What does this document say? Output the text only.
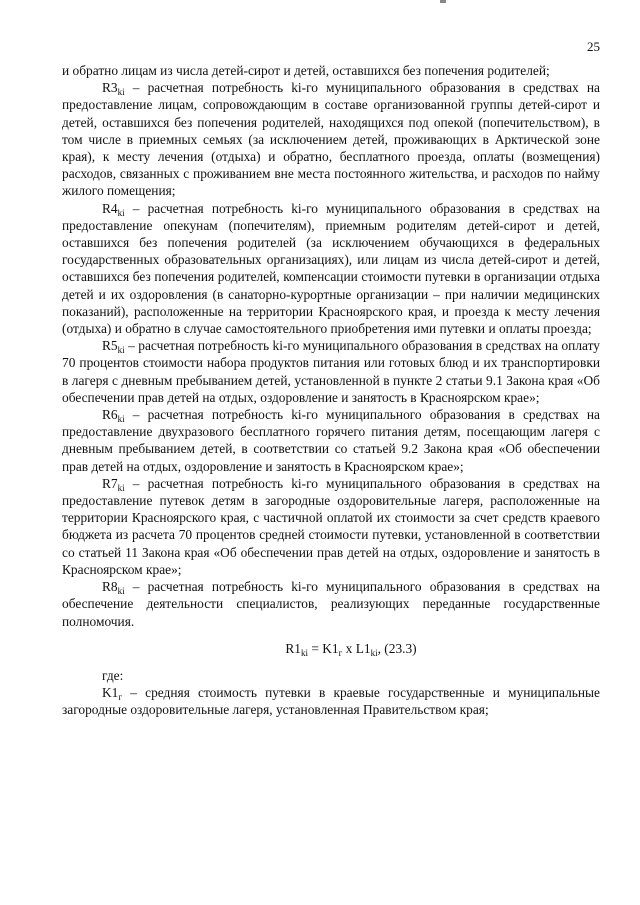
25

и обратно лицам из числа детей-сирот и детей, оставшихся без попечения родителей;

$R3_{ki}$ – расчетная потребность ki-го муниципального образования в средствах на предоставление лицам, сопровождающим в составе организованной группы детей-сирот и детей, оставшихся без попечения родителей, находящихся под опекой (попечительством), в том числе в приемных семьях (за исключением детей, проживающих в Арктической зоне края), к месту лечения (отдыха) и обратно, бесплатного проезда, оплаты (возмещения) расходов, связанных с проживанием вне места постоянного жительства, и расходов по найму жилого помещения;

$R4_{ki}$ – расчетная потребность ki-го муниципального образования в средствах на предоставление опекунам (попечителям), приемным родителям детей-сирот и детей, оставшихся без попечения родителей (за исключением обучающихся в федеральных государственных образовательных организациях), или лицам из числа детей-сирот и детей, оставшихся без попечения родителей, компенсации стоимости путевки в организации отдыха детей и их оздоровления (в санаторно-курортные организации – при наличии медицинских показаний), расположенные на территории Красноярского края, и проезда к месту лечения (отдыха) и обратно в случае самостоятельного приобретения ими путевки и оплаты проезда;

$R5_{ki}$ – расчетная потребность ki-го муниципального образования в средствах на оплату 70 процентов стоимости набора продуктов питания или готовых блюд и их транспортировки в лагеря с дневным пребыванием детей, установленной в пункте 2 статьи 9.1 Закона края «Об обеспечении прав детей на отдых, оздоровление и занятость в Красноярском крае»;

$R6_{ki}$ – расчетная потребность ki-го муниципального образования в средствах на предоставление двухразового бесплатного горячего питания детям, посещающим лагеря с дневным пребыванием детей, в соответствии со статьей 9.2 Закона края «Об обеспечении прав детей на отдых, оздоровление и занятость в Красноярском крае»;

$R7_{ki}$ – расчетная потребность ki-го муниципального образования в средствах на предоставление путевок детям в загородные оздоровительные лагеря, расположенные на территории Красноярского края, с частичной оплатой их стоимости за счет средств краевого бюджета из расчета 70 процентов средней стоимости путевки, установленной в соответствии со статьей 11 Закона края «Об обеспечении прав детей на отдых, оздоровление и занятость в Красноярском крае»;

$R8_{ki}$ – расчетная потребность ki-го муниципального образования в средствах на обеспечение деятельности специалистов, реализующих переданные государственные полномочия.

$R1_{ki} = K1_г$ x $L1_{ki}$, (23.3)

где:

$K1_г$ – средняя стоимость путевки в краевые государственные и муниципальные загородные оздоровительные лагеря, установленная Правительством края;
